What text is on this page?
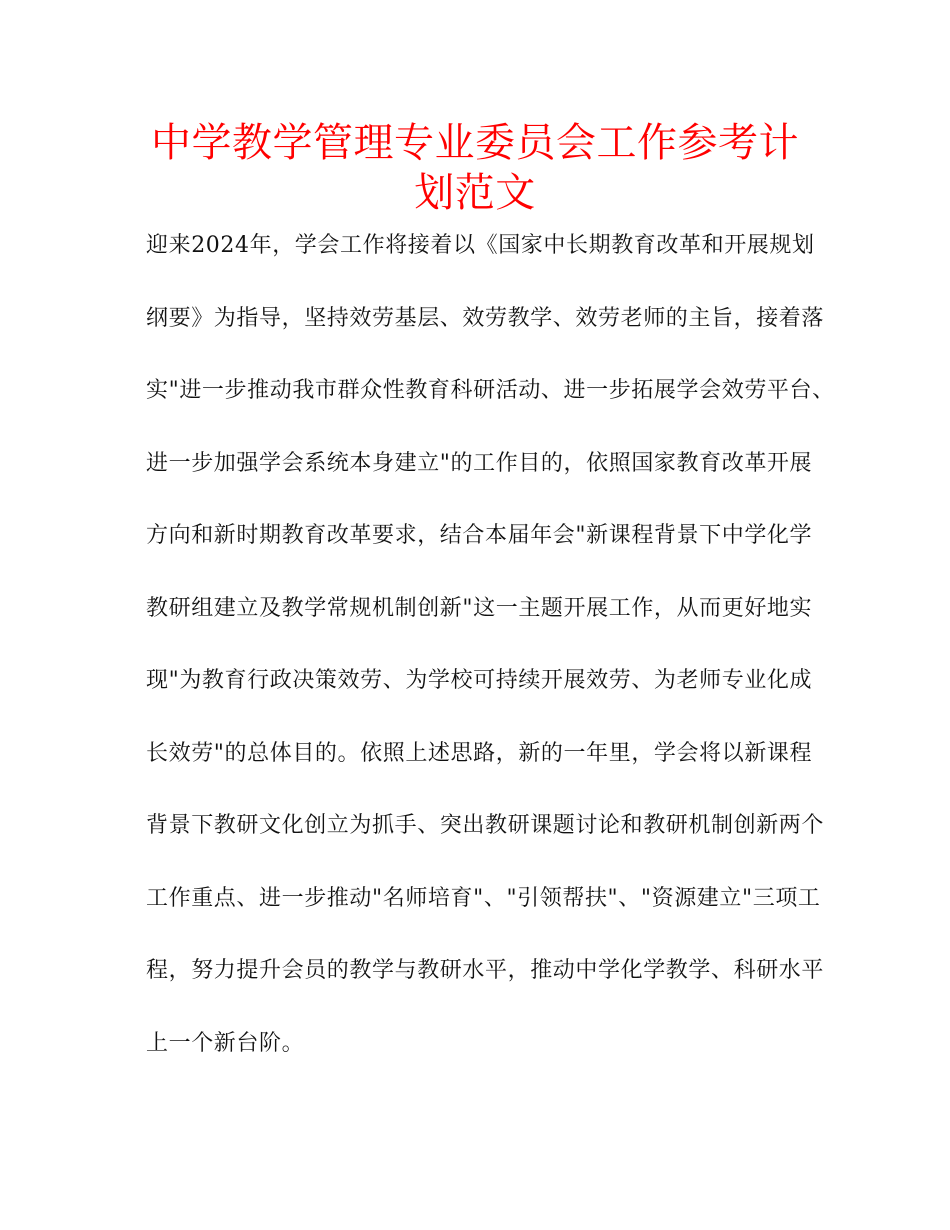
中学教学管理专业委员会工作参考计划范文
迎来2024年，学会工作将接着以《国家中长期教育改革和开展规划
纲要》为指导，坚持效劳基层、效劳教学、效劳老师的主旨，接着落
实"进一步推动我市群众性教育科研活动、进一步拓展学会效劳平台、
进一步加强学会系统本身建立"的工作目的，依照国家教育改革开展
方向和新时期教育改革要求，结合本届年会"新课程背景下中学化学
教研组建立及教学常规机制创新"这一主题开展工作，从而更好地实
现"为教育行政决策效劳、为学校可持续开展效劳、为老师专业化成
长效劳"的总体目的。依照上述思路，新的一年里，学会将以新课程
背景下教研文化创立为抓手、突出教研课题讨论和教研机制创新两个
工作重点、进一步推动"名师培育"、"引领帮扶"、"资源建立"三项工
程，努力提升会员的教学与教研水平，推动中学化学教学、科研水平
上一个新台阶。
